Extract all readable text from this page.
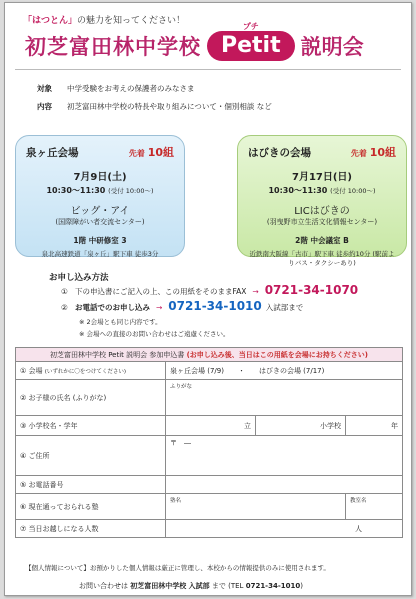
「はつとん」の魅力を知ってください！
初芝富田林中学校
プチ
Petit 説明会
対象	中学受験をお考えの保護者のみなさま
内容	初芝富田林中学校の特長や取り組みについて・個別相談 など
泉ヶ丘会場	先着 10組
7月9日(土)
10:30～11:30 (受付 10:00～)
ビッグ・アイ
(国際障がい者交流センター)
1階 中研修室 3
泉北高速鉄道「泉ヶ丘」駅下車 徒歩3分
はびきの会場	先着 10組
7月17日(日)
10:30～11:30 (受付 10:00～)
LICはびきの
(羽曳野市立生活文化情報センター)
2階 中会議室 B
近鉄南大阪線「古市」駅下車 徒歩約10分 (駅前よりバス・タクシーあり)
お申し込み方法
① 下の申込書にご記入の上、この用紙をそのままFAX → 0721-34-1070
② お電話でのお申し込み → 0721-34-1010 入試部まで
※ 2会場とも同じ内容です。
※ 会場への直接のお問い合わせはご遠慮ください。
初芝富田林中学校 Petit 説明会 参加申込書 (お申し込み後、当日はこの用紙を会場にお持ちください)			
① 会場 (いずれかに〇をつけてください)	泉ヶ丘会場 (7/9)　　・　　はびきの会場 (7/17)		
② お子様の氏名 (ふりがな)	ふりがな		

③ 小学校名・学年	立	小学校	年
④ ご住所	〒　―		
⑤ お電話番号			
⑥ 現在通っておられる塾	塾名		教室名

⑦ 当日お越しになる人数	人		
【個人情報について】お預かりした個人情報は厳正に管理し、本校からの情報提供のみに使用されます。
お問い合わせは 初芝富田林中学校 入試部 まで (TEL 0721-34-1010)
